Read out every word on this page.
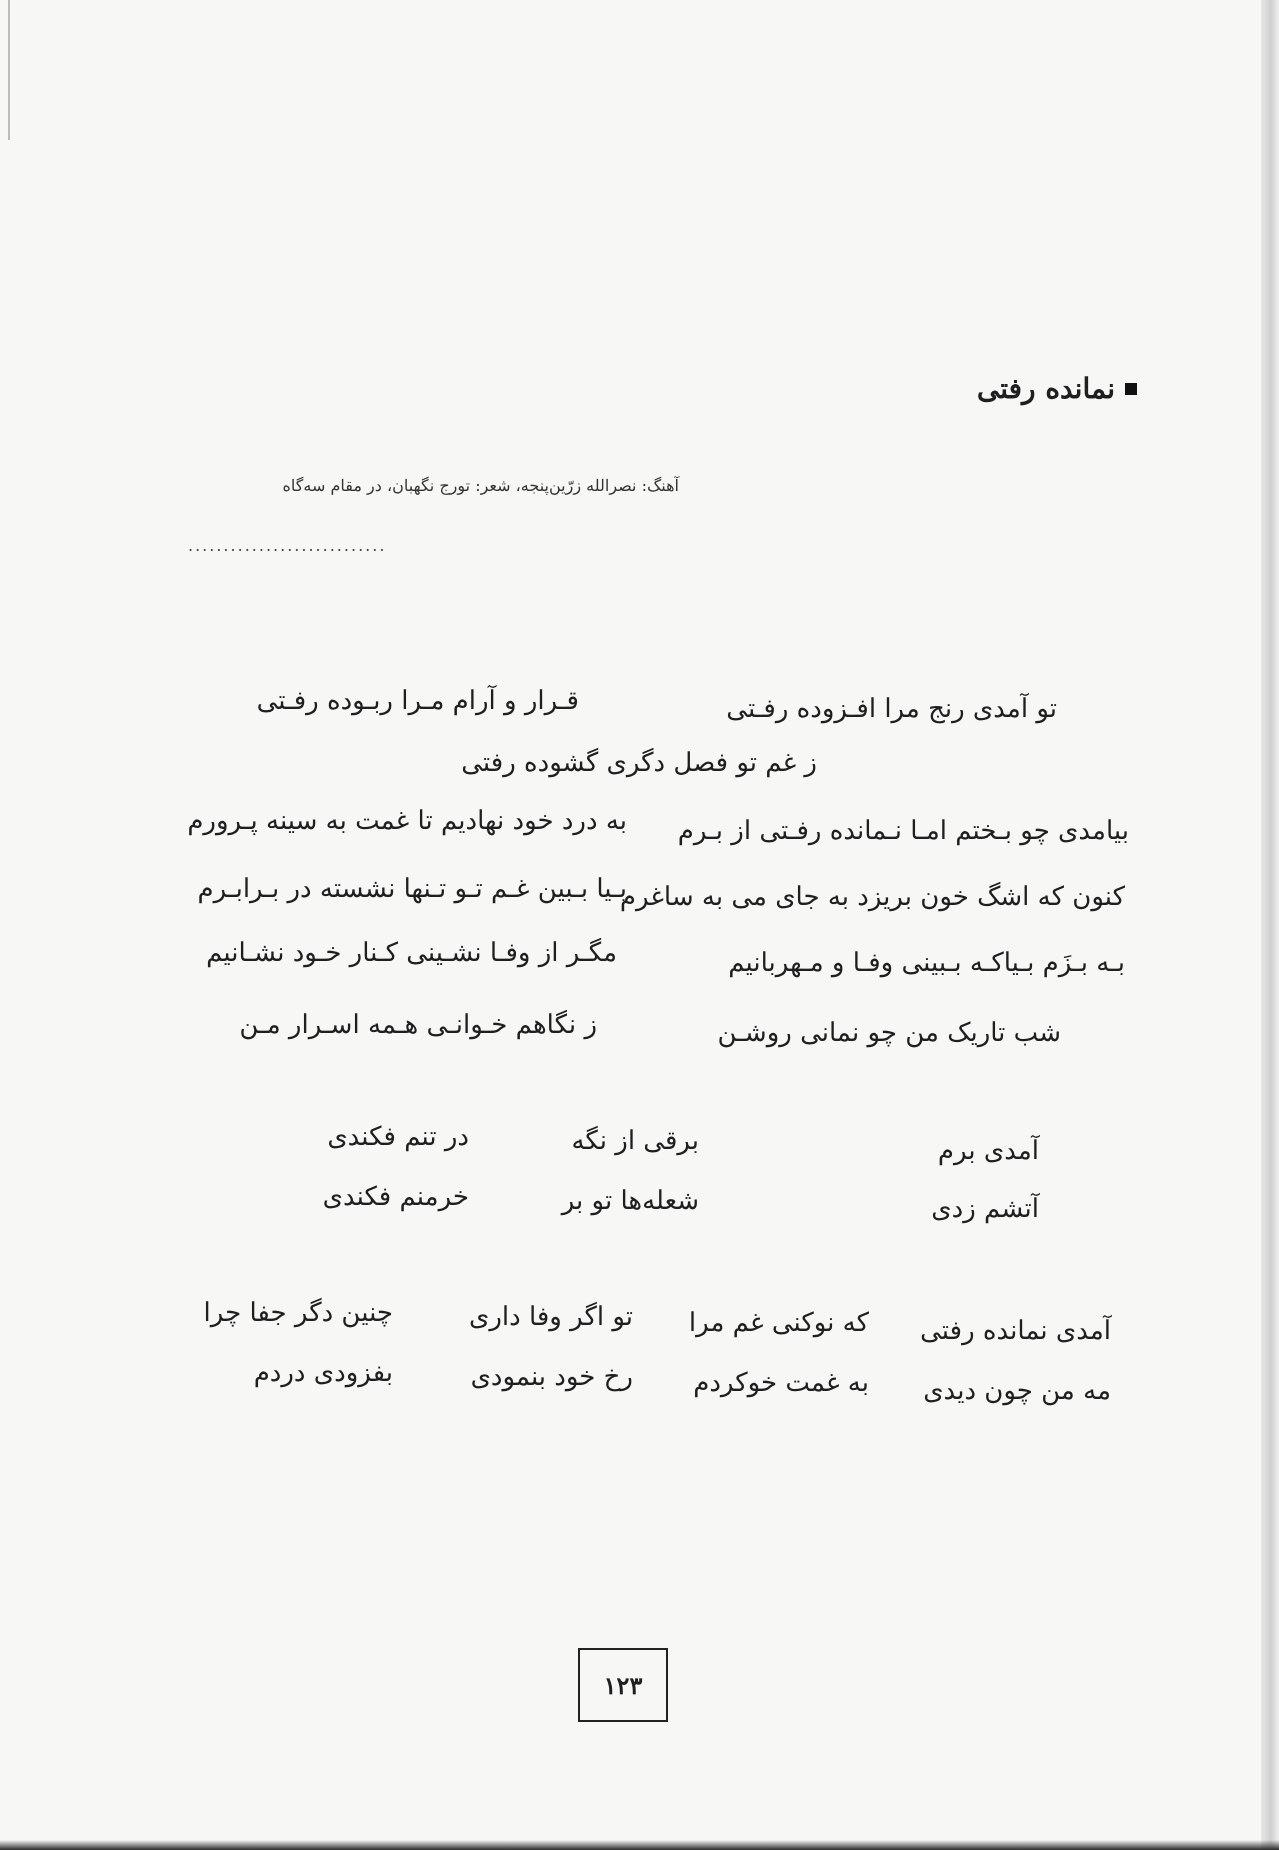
نمانده رفتی
آهنگ: نصرالله زرّین‌پنجه، شعر: تورج نگهبان، در مقام سه‌گاه
............................
تو آمدی رنج مرا افـزوده رفـتی
قـرار و آرام مـرا ربـوده رفـتی
ز غم تو فصل دگری گشوده رفتی
بیامدی چو بـختم امـا نـمانده رفـتی از بـرم
به درد خود نهادیم تا غمت به سینه پـرورم
کنون که اشگ خون بریزد به جای می به ساغرم
بـیا بـبین غـم تـو تـنها نشسته در بـرابـرم
بـه بـزَم بـیاکـه بـبینی وفـا و مـهربانیم
مگـر از وفـا نشـینی کـنار خـود نشـانیم
شب تاریک من چو نمانی روشـن
ز نگاهم خـوانـی هـمه اسـرار مـن
آمدی برم
برقی از نگه
در تنم فکندی
آتشم زدی
شعله‌ها تو بر
خرمنم فکندی
آمدی نمانده رفتی
که نوکنی غم مرا
تو اگر وفا داری
چنین دگر جفا چرا
مه من چون دیدی
به غمت خوکردم
رخ خود بنمودی
بفزودی دردم
۱۲۳
